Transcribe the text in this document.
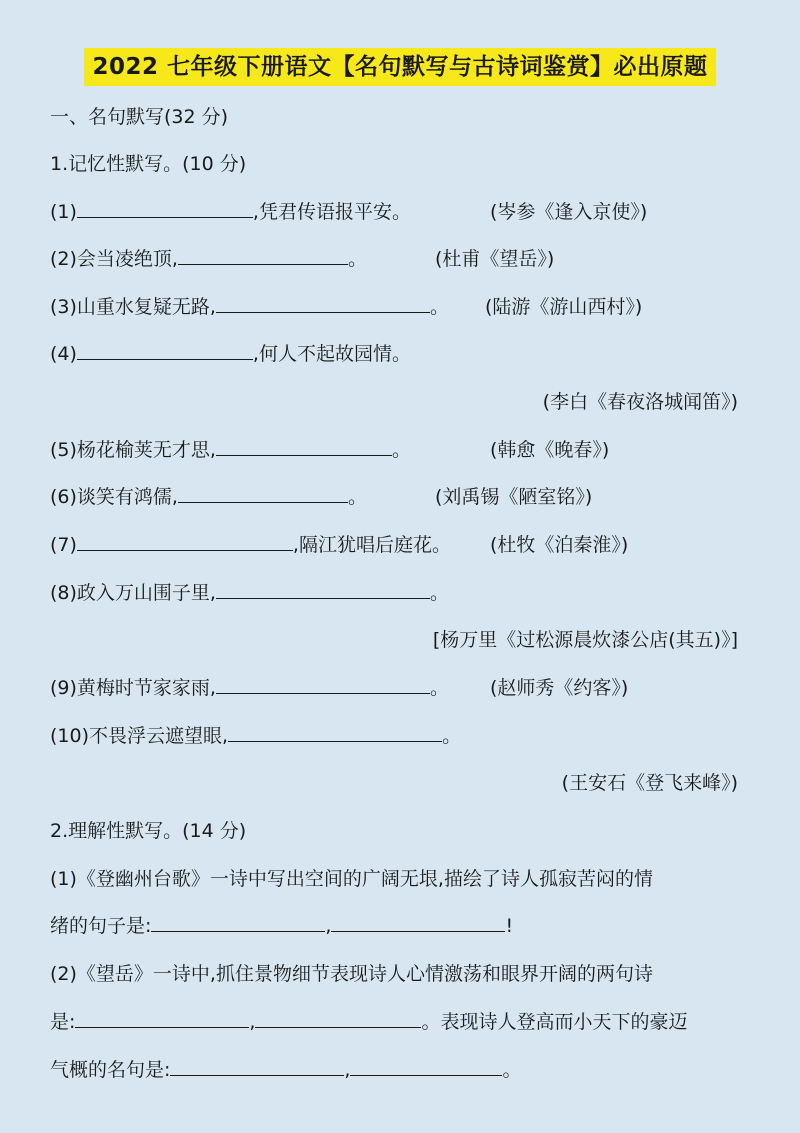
2022 七年级下册语文【名句默写与古诗词鉴赏】必出原题
一、名句默写(32 分)
1.记忆性默写。(10 分)
(1)	,凭君传语报平安。	(岑参《逢入京使》)
(2)会当凌绝顶,	。	(杜甫《望岳》)
(3)山重水复疑无路,	。 (陆游《游山西村》)
(4)	,何人不起故园情。
(李白《春夜洛城闻笛》)
(5)杨花榆荚无才思,	。	(韩愈《晚春》)
(6)谈笑有鸿儒,	。	(刘禹锡《陋室铭》)
(7)	,隔江犹唱后庭花。 (杜牧《泊秦淮》)
(8)政入万山围子里,	。
[杨万里《过松源晨炊漆公店(其五)》]
(9)黄梅时节家家雨,	。 (赵师秀《约客》)
(10)不畏浮云遮望眼,	。
(王安石《登飞来峰》)
2.理解性默写。(14 分)
(1)《登幽州台歌》一诗中写出空间的广阔无垠,描绘了诗人孤寂苦闷的情
绪的句子是:	,	!
(2)《望岳》一诗中,抓住景物细节表现诗人心情激荡和眼界开阔的两句诗
是:	,	。表现诗人登高而小天下的豪迈
气概的名句是:	,	。
